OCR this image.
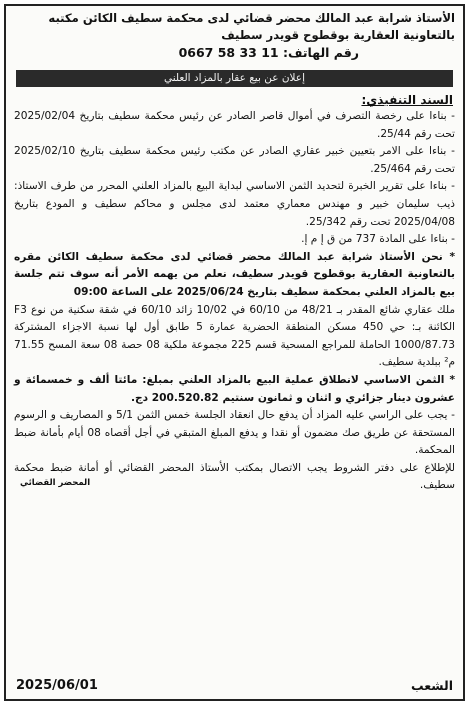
الأستاذ شرابة عبد المالك محضر قضائي لدى محكمة سطيف الكائن مكتبه
بالتعاونية العقارية بوقطوح قويدر سطيف
رقم الهاتف: 0667 58 33 11
إعلان عن بيع عقار بالمزاد العلني
السند التنفيذي:

- بناءا على رخصة التصرف في أموال قاصر الصادر عن رئيس محكمة سطيف بتاريخ 2025/02/04 تحت رقم 25/44.

- بناءا على الامر بتعيين خبير عقاري الصادر عن مكتب رئيس محكمة سطيف بتاريخ 2025/02/10 تحت رقم 25/464.

- بناءا على تقرير الخبرة لتحديد الثمن الاساسي لبداية البيع بالمزاد العلني المحرر من طرف الاستاذ: ذيب سليمان خبير و مهندس معماري معتمد لدى مجلس و محاكم سطيف و المودع بتاريخ 2025/04/08 تحت رقم 25/342.

- بناءا على المادة 737 من ق إ م إ.

* نحن الأستاذ شرابة عبد المالك محضر قضائي لدى محكمة سطيف الكائن مقره بالتعاونية العقارية بوقطوح قويدر سطيف، نعلم من يهمه الأمر أنه سوف تتم جلسة بيع بالمزاد العلني بمحكمة سطيف بتاريخ 2025/06/24 على الساعة 09:00

ملك عقاري شائع المقدر بـ 48/21 من 60/10 في 10/02 زائد 60/10 في شقة سكنية من نوع F3 الكائنة بـ: حي 450 مسكن المنطقة الحضرية عمارة 5 طابق أول لها نسبة الاجزاء المشتركة 1000/87.73 الحاملة للمراجع المسحية قسم 225 مجموعة ملكية 08 حصة 08 سعة المسح 71.55 م² ببلدية سطيف.

* الثمن الاساسي لانطلاق عملية البيع بالمزاد العلني بمبلغ: مائتا ألف و خمسمائة و عشرون دينار جزائري و اثنان و ثمانون سنتيم 200.520.82 دج.

- يجب على الراسي عليه المزاد أن يدفع حال انعقاد الجلسة خمس الثمن 5/1 و المصاريف و الرسوم المستحقة عن طريق صك مضمون أو نقدا و يدفع المبلغ المتبقي في أجل أقصاه 08 أيام بأمانة ضبط المحكمة.

للإطلاع على دفتر الشروط يجب الاتصال بمكتب الأستاذ المحضر القضائي أو أمانة ضبط محكمة سطيف.

المحضر القضائي
الشعب
2025/06/01
